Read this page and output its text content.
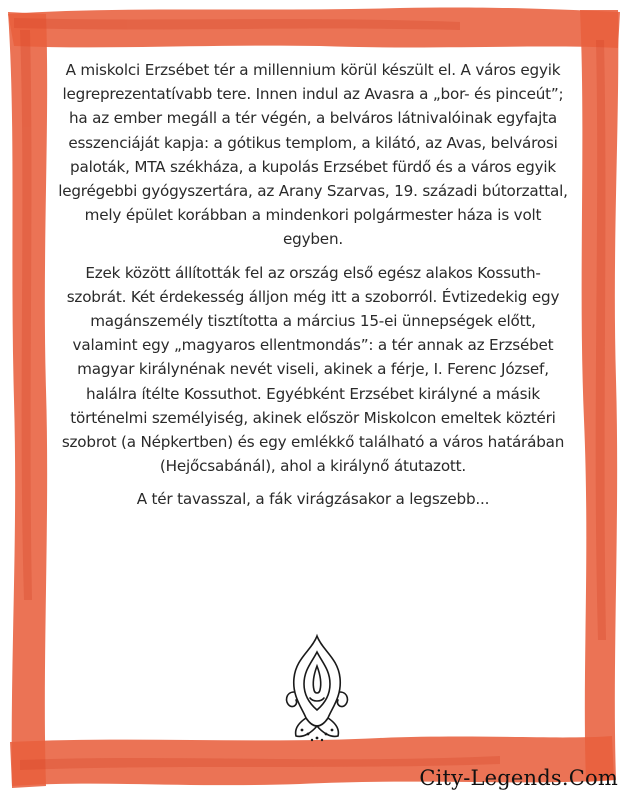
A miskolci Erzsébet tér a millennium körül készült el. A város egyik legreprezentatívabb tere. Innen indul az Avasra a „bor- és pinceút”; ha az ember megáll a tér végén, a belváros látnivalóinak egyfajta esszenciáját kapja: a gótikus templom, a kilátó, az Avas, belvárosi paloták, MTA székháza, a kupolás Erzsébet fürdő és a város egyik legrégebbi gyógyszertára, az Arany Szarvas, 19. századi bútorzattal, mely épület korábban a mindenkori polgármester háza is volt egyben.

Ezek között állították fel az ország első egész alakos Kossuth-szobrát. Két érdekesség álljon még itt a szoborról. Évtizedekig egy magánszemély tisztította a március 15-ei ünnepségek előtt, valamint egy „magyaros ellentmondás”: a tér annak az Erzsébet magyar királynénak nevét viseli, akinek a férje, I. Ferenc József, halálra ítélte Kossuthot. Egyébként Erzsébet királyné a másik történelmi személyiség, akinek először Miskolcon emeltek köztéri szobrot (a Népkertben) és egy emlékkő található a város határában (Hejőcsabánál), ahol a királynő átutazott.

A tér tavasszal, a fák virágzásakor a legszebb...

City-Legends.Com
